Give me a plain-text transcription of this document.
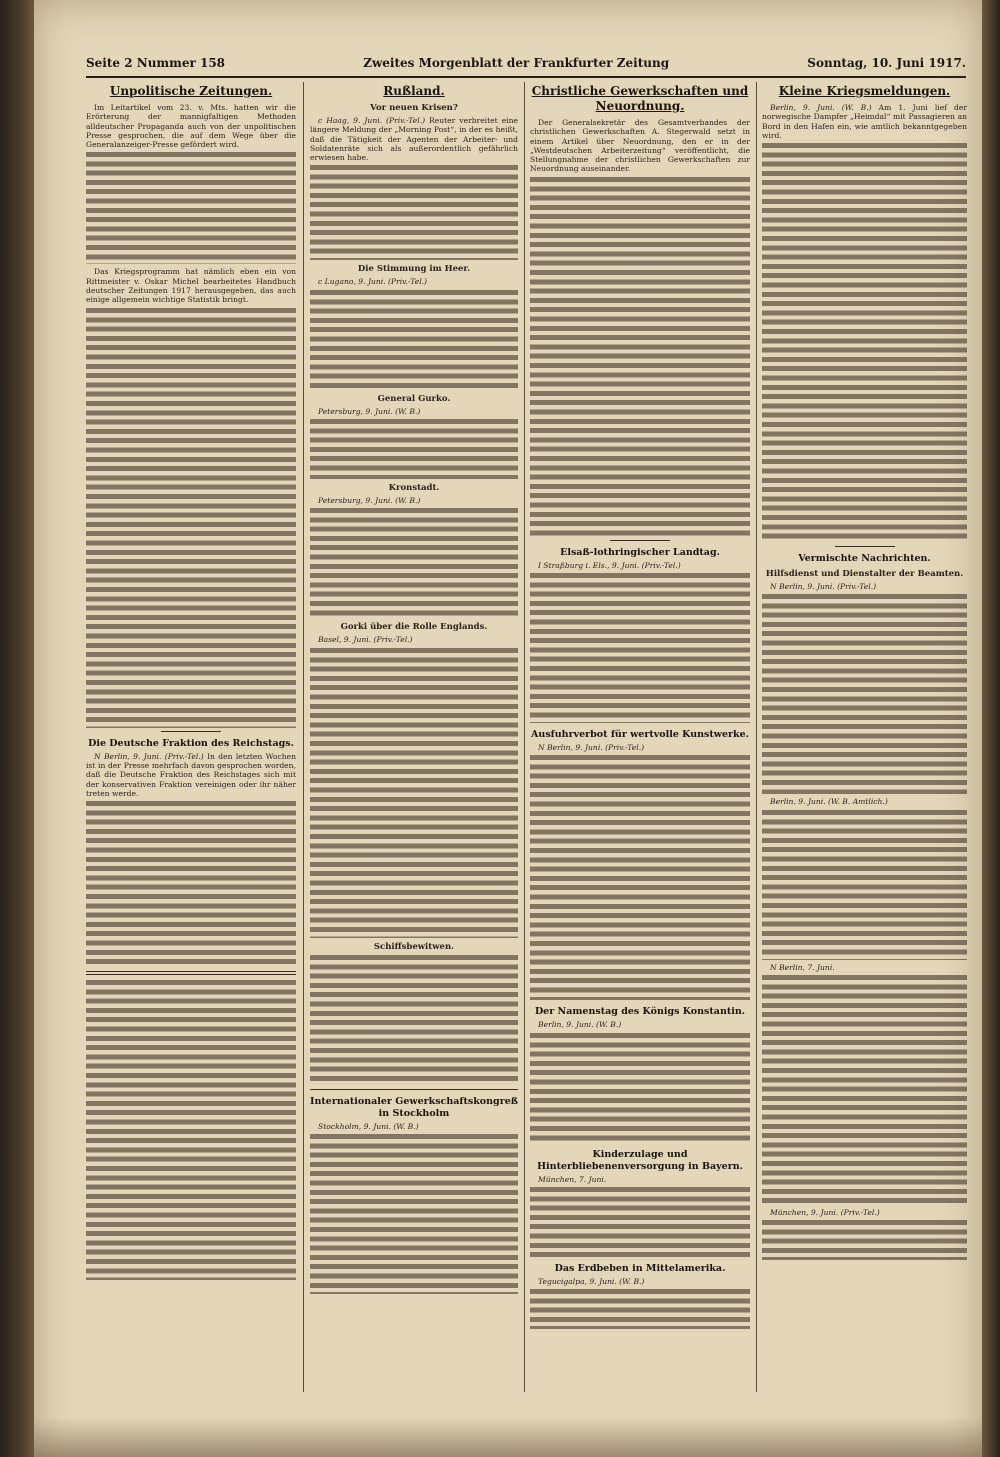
Seite 2 Nummer 158	Zweites Morgenblatt der Frankfurter Zeitung	Sonntag, 10. Juni 1917.
Unpolitische Zeitungen.

Im Leitartikel vom 23. v. Mts. hatten wir die Erörterung der mannigfaltigen Methoden alldeutscher Propaganda auch von der unpolitischen Presse gesprochen, die auf dem Wege über die Generalanzeiger-Presse gefördert wird.

Das Kriegsprogramm hat nämlich eben ein von Rittmeister v. Oskar Michel bearbeitetes Handbuch deutscher Zeitungen 1917 herausgegeben, das auch einige allgemein wichtige Statistik bringt.

Die Deutsche Fraktion des Reichstags.

N Berlin, 9. Juni. (Priv.-Tel.) In den letzten Wochen ist in der Presse mehrfach davon gesprochen worden, daß die Deutsche Fraktion des Reichstages sich mit der konservativen Fraktion vereinigen oder ihr näher treten werde.

Rußland.
Vor neuen Krisen?

c Haag, 9. Juni. (Priv.-Tel.) Reuter verbreitet eine längere Meldung der „Morning Post“, in der es heißt, daß die Tätigkeit der Agenten der Arbeiter- und Soldatenräte sich als außerordentlich gefährlich erwiesen habe.

Die Stimmung im Heer.

c Lugano, 9. Juni. (Priv.-Tel.)

General Gurko.

Petersburg, 9. Juni. (W. B.)

Kronstadt.

Petersburg, 9. Juni. (W. B.)

Gorki über die Rolle Englands.

Basel, 9. Juni. (Priv.-Tel.)

Schiffsbewitwen.
Internationaler Gewerkschaftskongreß in Stockholm

Stockholm, 9. Juni. (W. B.)

Christliche Gewerkschaften und Neuordnung.

Der Generalsekretär des Gesamtverbandes der christlichen Gewerkschaften A. Stegerwald setzt in einem Artikel über Neuordnung, den er in der „Westdeutschen Arbeiterzeitung“ veröffentlicht, die Stellungnahme der christlichen Gewerkschaften zur Neuordnung auseinander.

Elsaß-lothringischer Landtag.

I Straßburg i. Els., 9. Juni. (Priv.-Tel.)

Ausfuhrverbot für wertvolle Kunstwerke.

N Berlin, 9. Juni. (Priv.-Tel.)

Der Namenstag des Königs Konstantin.

Berlin, 9. Juni. (W. B.)

Kinderzulage und Hinterbliebenenversorgung in Bayern.

München, 7. Juni.

Das Erdbeben in Mittelamerika.

Tegucigalpa, 9. Juni. (W. B.)

Kleine Kriegsmeldungen.

Berlin, 9. Juni. (W. B.) Am 1. Juni lief der norwegische Dampfer „Heimdal“ mit Passagieren an Bord in den Hafen ein, wie amtlich bekanntgegeben wird.

Vermischte Nachrichten.
Hilfsdienst und Dienstalter der Beamten.

N Berlin, 9. Juni. (Priv.-Tel.)

Berlin, 9. Juni. (W. B. Amtlich.)

N Berlin, 7. Juni.

München, 9. Juni. (Priv.-Tel.)
